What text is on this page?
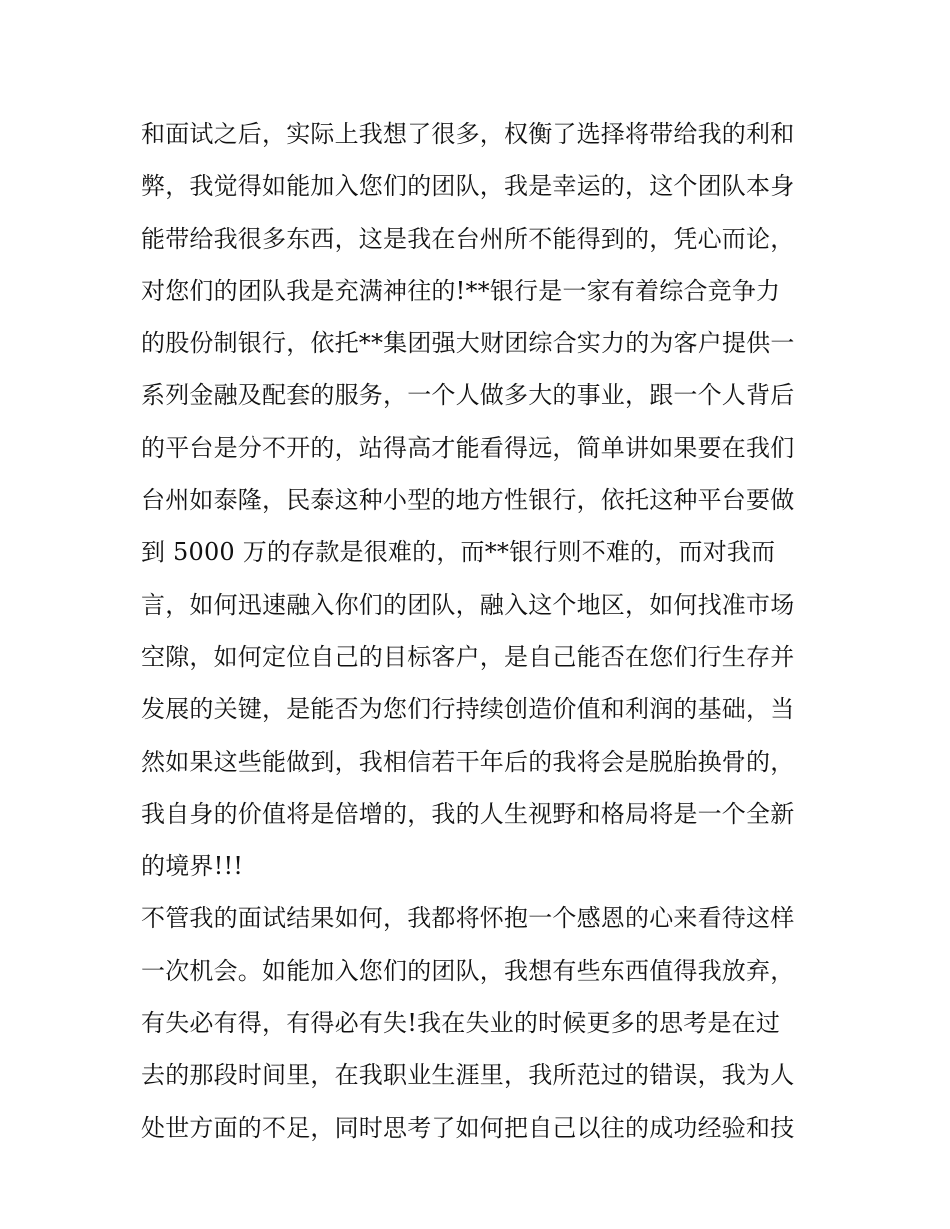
和面试之后，实际上我想了很多，权衡了选择将带给我的利和
弊，我觉得如能加入您们的团队，我是幸运的，这个团队本身
能带给我很多东西，这是我在台州所不能得到的，凭心而论，
对您们的团队我是充满神往的!**银行是一家有着综合竞争力
的股份制银行，依托**集团强大财团综合实力的为客户提供一
系列金融及配套的服务，一个人做多大的事业，跟一个人背后
的平台是分不开的，站得高才能看得远，简单讲如果要在我们
台州如泰隆，民泰这种小型的地方性银行，依托这种平台要做
到 5000 万的存款是很难的，而**银行则不难的，而对我而
言，如何迅速融入你们的团队，融入这个地区，如何找准市场
空隙，如何定位自己的目标客户，是自己能否在您们行生存并
发展的关键，是能否为您们行持续创造价值和利润的基础，当
然如果这些能做到，我相信若干年后的我将会是脱胎换骨的，
我自身的价值将是倍增的，我的人生视野和格局将是一个全新
的境界!!!
不管我的面试结果如何，我都将怀抱一个感恩的心来看待这样
一次机会。如能加入您们的团队，我想有些东西值得我放弃，
有失必有得，有得必有失!我在失业的时候更多的思考是在过
去的那段时间里，在我职业生涯里，我所范过的错误，我为人
处世方面的不足，同时思考了如何把自己以往的成功经验和技
